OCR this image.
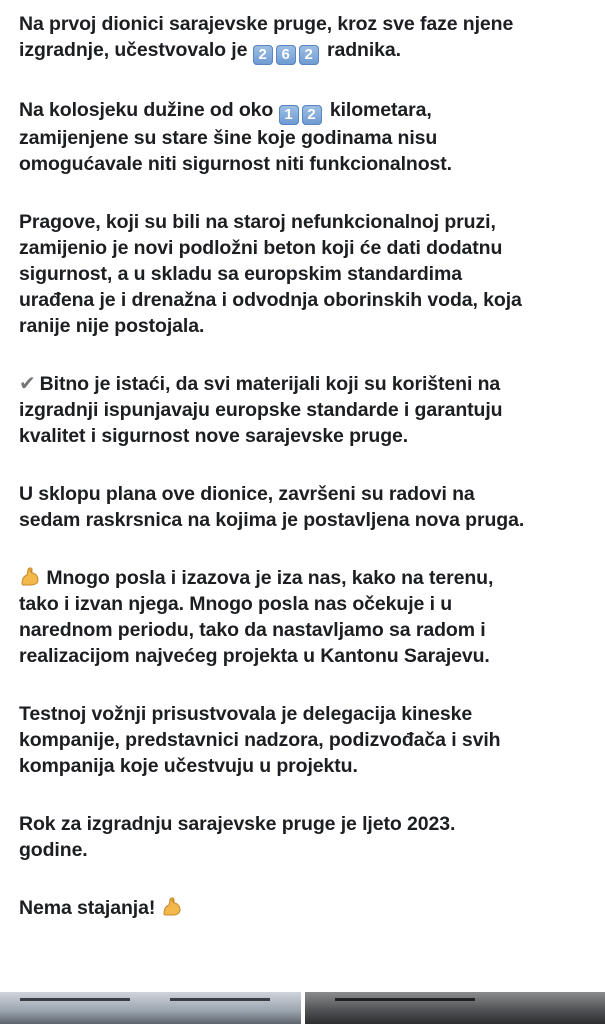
Na prvoj dionici sarajevske pruge, kroz sve faze njene
izgradnje, učestvovalo je 2 6 2 radnika.
Na kolosjeku dužine od oko 1 2 kilometara,
zamijenjene su stare šine koje godinama nisu
omogućavale niti sigurnost niti funkcionalnost.
Pragove, koji su bili na staroj nefunkcionalnoj pruzi,
zamijenio je novi podložni beton koji će dati dodatnu
sigurnost, a u skladu sa europskim standardima
urađena je i drenažna i odvodnja oborinskih voda, koja
ranije nije postojala.
✔ Bitno je istaći, da svi materijali koji su korišteni na
izgradnji ispunjavaju europske standarde i garantuju
kvalitet i sigurnost nove sarajevske pruge.
U sklopu plana ove dionice, završeni su radovi na
sedam raskrsnica na kojima je postavljena nova pruga.
Mnogo posla i izazova je iza nas, kako na terenu,
tako i izvan njega. Mnogo posla nas očekuje i u
narednom periodu, tako da nastavljamo sa radom i
realizacijom najvećeg projekta u Kantonu Sarajevu.
Testnoj vožnji prisustvovala je delegacija kineske
kompanije, predstavnici nadzora, podizvođača i svih
kompanija koje učestvuju u projektu.
Rok za izgradnju sarajevske pruge je ljeto 2023.
godine.
Nema stajanja!
